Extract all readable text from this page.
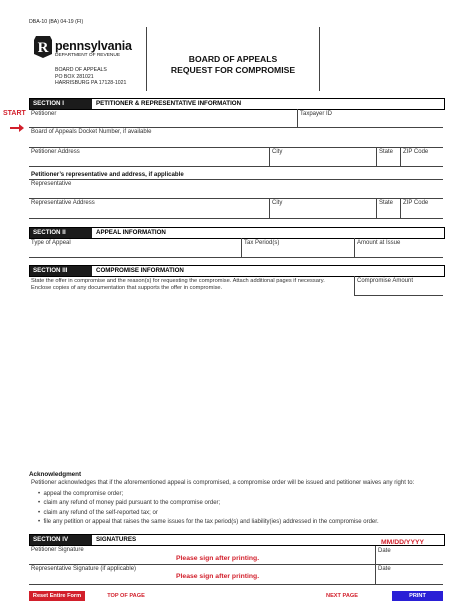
DBA-10 (BA) 04-19 (FI)
R pennsylvania
DEPARTMENT OF REVENUE
BOARD OF APPEALS
PO BOX 281021
HARRISBURG PA 17128-1021
BOARD OF APPEALS
REQUEST FOR COMPROMISE
START
SECTION I	PETITIONER & REPRESENTATIVE INFORMATION
Petitioner	Taxpayer ID
Board of Appeals Docket Number, if available
Petitioner Address	City	State ZIP Code
Petitioner’s representative and address, if applicable
Representative
Representative Address	City	State ZIP Code
SECTION II	APPEAL INFORMATION
Type of Appeal	Tax Period(s)	Amount at Issue
SECTION III	COMPROMISE INFORMATION
State the offer in compromise and the reason(s) for requesting the compromise. Attach additional pages if necessary.
Enclose copies of any documentation that supports the offer in compromise.
Compromise Amount
Acknowledgment
Petitioner acknowledges that if the aforementioned appeal is compromised, a compromise order will be issued and petitioner waives any right to:
•  appeal the compromise order;
•  claim any refund of money paid pursuant to the compromise order;
•  claim any refund of the self-reported tax; or
•  file any petition or appeal that raises the same issues for the tax period(s) and liability(ies) addressed in the compromise order.
SECTION IV	SIGNATURES	MM/DD/YYYY
Petitioner Signature
Please sign after printing.
Date
Representative Signature (if applicable)
Please sign after printing.
Date
Reset Entire Form	TOP OF PAGE	NEXT PAGE	PRINT
